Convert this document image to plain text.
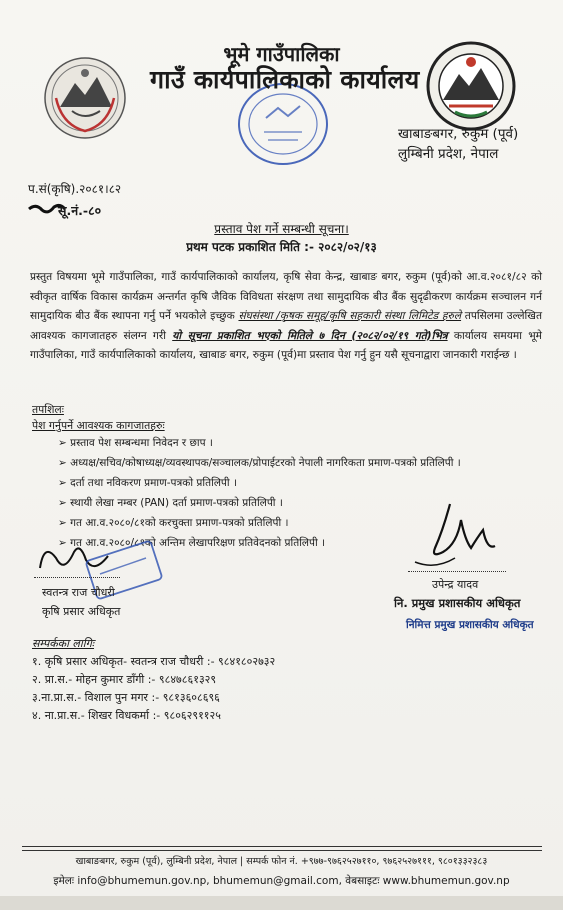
भूमे गाउँपालिका
गाउँ कार्यपालिकाको कार्यालय
खाबाङबगर, रुकुम (पूर्व)
लुम्बिनी प्रदेश, नेपाल
प.सं(कृषि).२०८१।८२
सू.नं.-८०
प्रस्ताव पेश गर्ने सम्बन्धी सूचना।
प्रथम पटक प्रकाशित मिति :- २०८२/०२/१३
प्रस्तुत विषयमा भूमे गाउँपालिका, गाउँ कार्यपालिकाको कार्यालय, कृषि सेवा केन्द्र, खाबाङ बगर, रुकुम (पूर्व)को आ.व.२०८१/८२ को स्वीकृत वार्षिक विकास कार्यक्रम अन्तर्गत कृषि जैविक विविधता संरक्षण तथा सामुदायिक बीउ बैंक सुदृढीकरण कार्यक्रम सञ्चालन गर्न सामुदायिक बीउ बैंक स्थापना गर्नु पर्ने भयकोले इच्छुक संघसंस्था /कृषक समूह/कृषि सहकारी संस्था लिमिटेड हरुले तपसिलमा उल्लेखित आवश्यक कागजातहरु संलग्न गरी यो सूचना प्रकाशित भएको मितिले ७ दिन (२०८२/०२/१९ गते)भित्र कार्यालय समयमा भूमे गाउँपालिका, गाउँ कार्यपालिकाको कार्यालय, खाबाङ बगर, रुकुम (पूर्व)मा प्रस्ताव पेश गर्नु हुन यसै सूचनाद्वारा जानकारी गराईन्छ ।
तपशिलः
पेश गर्नुपर्ने आवश्यक कागजातहरुः
➢ प्रस्ताव पेश सम्बन्धमा निवेदन र छाप ।
➢ अध्यक्ष/सचिव/कोषाध्यक्ष/व्यवस्थापक/सञ्चालक/प्रोपाईटरको नेपाली नागरिकता प्रमाण-पत्रको प्रतिलिपी ।
➢ दर्ता तथा नविकरण प्रमाण-पत्रको प्रतिलिपी ।
➢ स्थायी लेखा नम्बर (PAN) दर्ता प्रमाण-पत्रको प्रतिलिपी ।
➢ गत आ.व.२०८०/८१को करचुक्ता प्रमाण-पत्रको प्रतिलिपी ।
➢ गत आ.व.२०८०/८१को अन्तिम लेखापरिक्षण प्रतिवेदनको प्रतिलिपी ।
उपेन्द्र यादव
नि. प्रमुख प्रशासकीय अधिकृत
निमित्त प्रमुख प्रशासकीय अधिकृत
स्वतन्त्र राज चौधरी
कृषि प्रसार अधिकृत
सम्पर्कका लागिः
१. कृषि प्रसार अधिकृत- स्वतन्त्र राज चौधरी :- ९८४१८०२७३२
२. प्रा.स.- मोहन कुमार डाँगी :- ९८४७८६१३२९
३.ना.प्रा.स.- विशाल पुन मगर :- ९८१३६०८६९६
४. ना.प्रा.स.- शिखर विधकर्मा :- ९८०६२९११२५
खाबाङबगर, रुकुम (पूर्व), लुम्बिनी प्रदेश, नेपाल | सम्पर्क फोन नं. +९७७-९७६२५२७११०, ९७६२५२७१११, ९८०१३३२३८३
इमेलः info@bhumemun.gov.np, bhumemun@gmail.com, वेबसाइटः www.bhumemun.gov.np
